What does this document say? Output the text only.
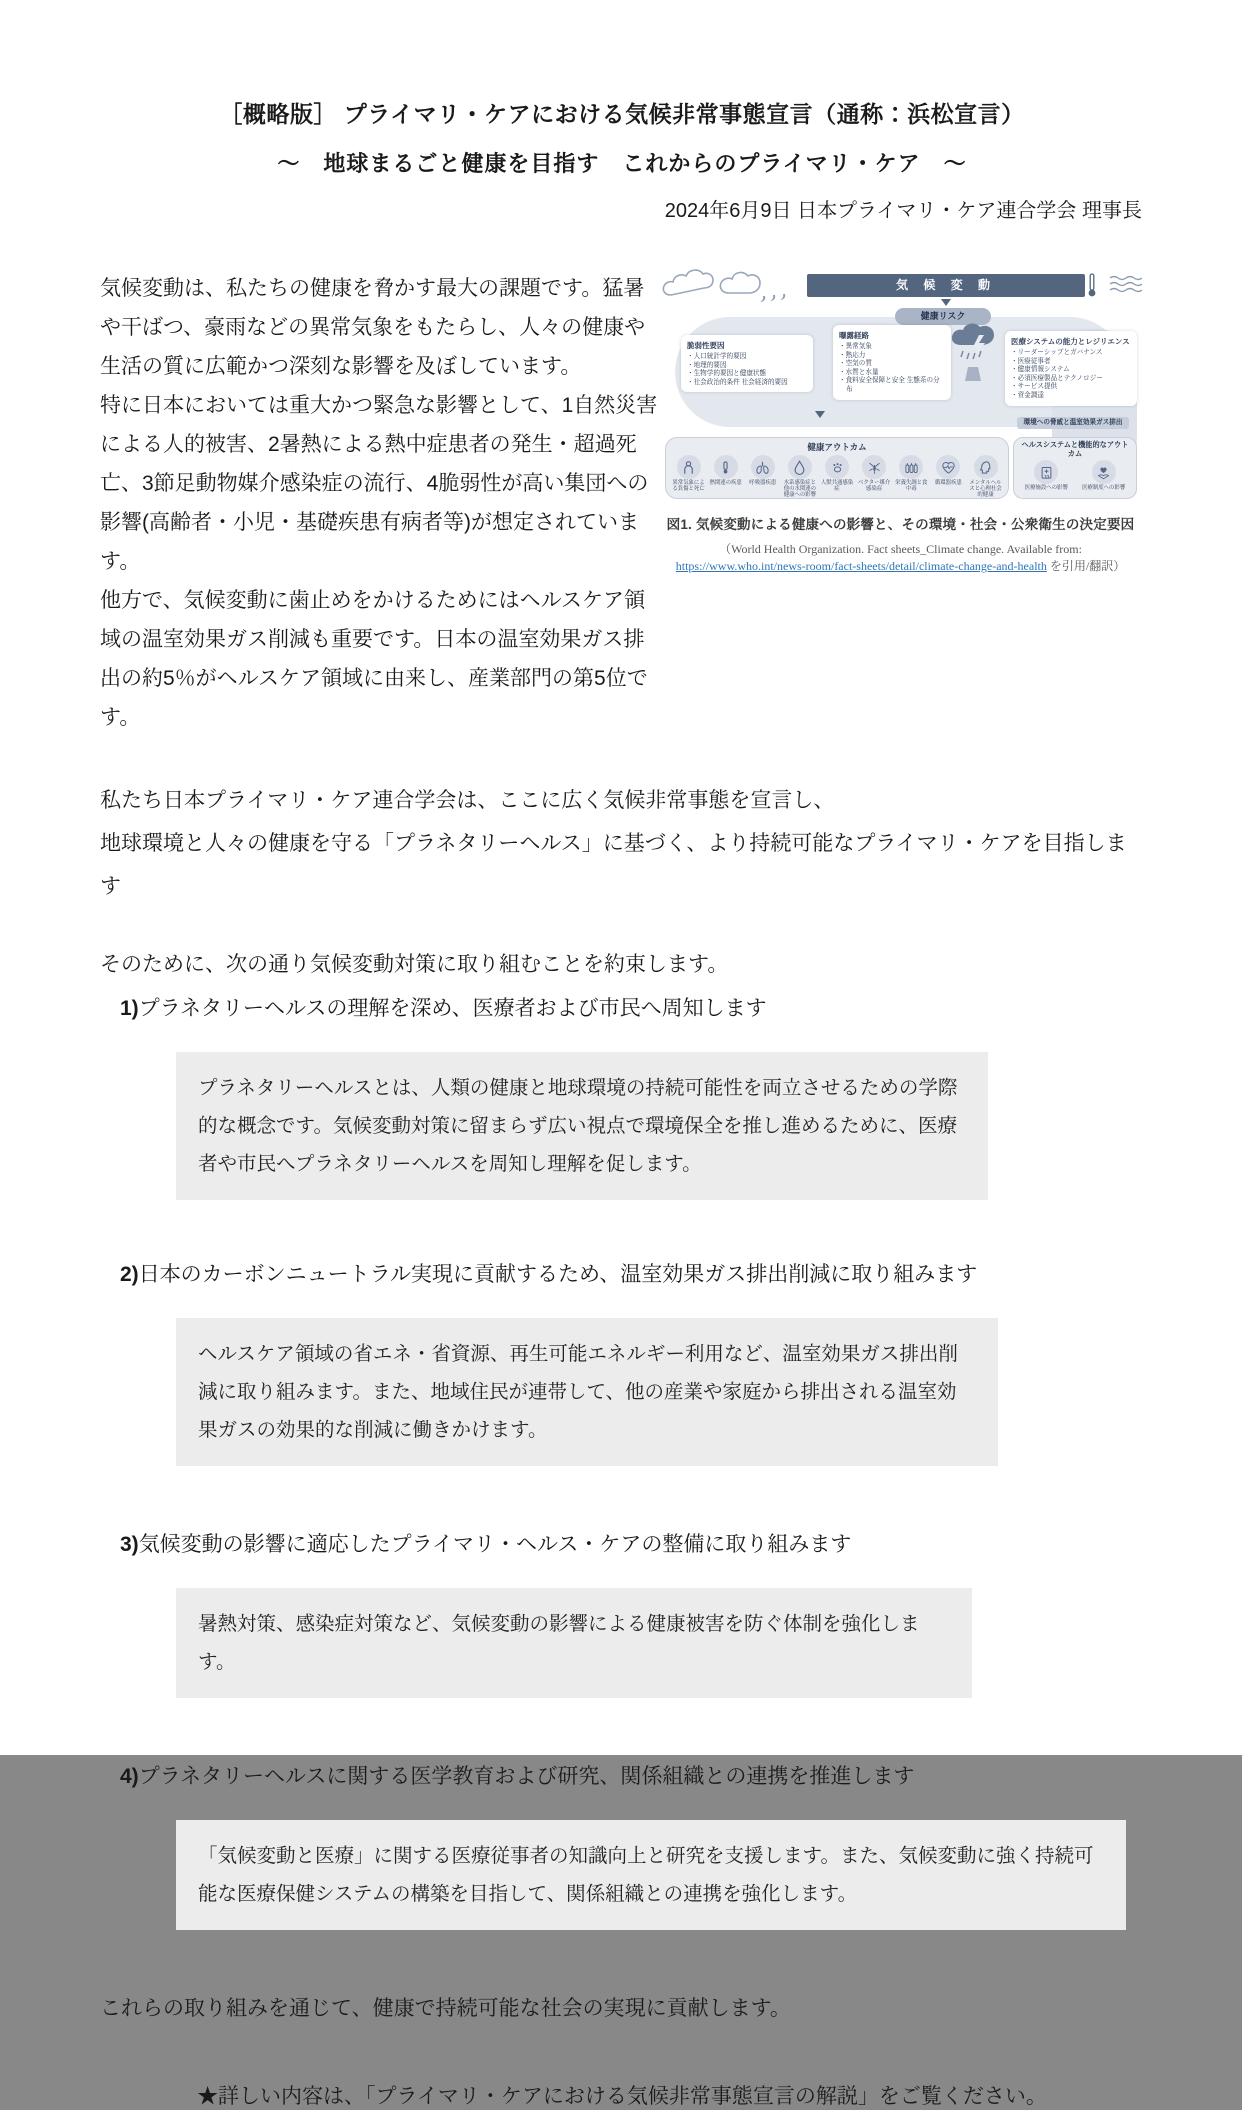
［概略版］ プライマリ・ケアにおける気候非常事態宣言（通称：浜松宣言）
～　地球まるごと健康を目指す　これからのプライマリ・ケア　～
2024年6月9日 日本プライマリ・ケア連合学会 理事長

気候変動は、私たちの健康を脅かす最大の課題です。猛暑や干ばつ、豪雨などの異常気象をもたらし、人々の健康や生活の質に広範かつ深刻な影響を及ぼしています。

特に日本においては重大かつ緊急な影響として、1自然災害による人的被害、2暑熱による熱中症患者の発生・超過死亡、3節足動物媒介感染症の流行、4脆弱性が高い集団への影響(高齢者・小児・基礎疾患有病者等)が想定されています。

他方で、気候変動に歯止めをかけるためにはヘルスケア領域の温室効果ガス削減も重要です。日本の温室効果ガス排出の約5％がヘルスケア領域に由来し、産業部門の第5位です。

気 候 変 動
健康リスク
脆弱性要因
・ 人口統計学的要因
・ 地理的要因
・ 生物学的要因と健康状態
・ 社会政治的条件 社会経済的要因
曝露経路
・ 異常気象
・ 熱応力
・ 空気の質
・ 水質と水量
・ 食料安全保障と安全 生態系の分布
医療システムの能力とレジリエンス
・ リーダーシップとガバナンス
・ 医療従事者
・ 健康情報システム
・ 必須医療製品とテクノロジー
・ サービス提供
・ 資金調達
環境への脅威と温室効果ガス排出
健康アウトカム
異常気象による負傷と死亡
熱関連の疾患 呼吸器疾患	水系感染症と他の水関連の健康への影響
人獣共通感染症
ベクター媒介感染症
栄養失調と食中毒
循環器疾患	メンタルヘルスと心理社会的健康
ヘルスシステムと機能的なアウトカム
医療施設への影響	医療制度への影響
図1. 気候変動による健康への影響と、その環境・社会・公衆衛生の決定要因
（World Health Organization. Fact sheets_Climate change. Available from:
https://www.who.int/news-room/fact-sheets/detail/climate-change-and-health を引用/翻訳）
私たち日本プライマリ・ケア連合学会は、ここに広く気候非常事態を宣言し、
地球環境と人々の健康を守る「プラネタリーヘルス」に基づく、より持続可能なプライマリ・ケアを目指します
そのために、次の通り気候変動対策に取り組むことを約束します。
1)プラネタリーヘルスの理解を深め、医療者および市民へ周知します
プラネタリーヘルスとは、人類の健康と地球環境の持続可能性を両立させるための学際的な概念です。気候変動対策に留まらず広い視点で環境保全を推し進めるために、医療者や市民へプラネタリーヘルスを周知し理解を促します。
2)日本のカーボンニュートラル実現に貢献するため、温室効果ガス排出削減に取り組みます
ヘルスケア領域の省エネ・省資源、再生可能エネルギー利用など、温室効果ガス排出削減に取り組みます。また、地域住民が連帯して、他の産業や家庭から排出される温室効果ガスの効果的な削減に働きかけます。
3)気候変動の影響に適応したプライマリ・ヘルス・ケアの整備に取り組みます
暑熱対策、感染症対策など、気候変動の影響による健康被害を防ぐ体制を強化します。
4)プラネタリーヘルスに関する医学教育および研究、関係組織との連携を推進します
「気候変動と医療」に関する医療従事者の知識向上と研究を支援します。また、気候変動に強く持続可能な医療保健システムの構築を目指して、関係組織との連携を強化します。
これらの取り組みを通じて、健康で持続可能な社会の実現に貢献します。
★詳しい内容は、「プライマリ・ケアにおける気候非常事態宣言の解説」をご覧ください。
